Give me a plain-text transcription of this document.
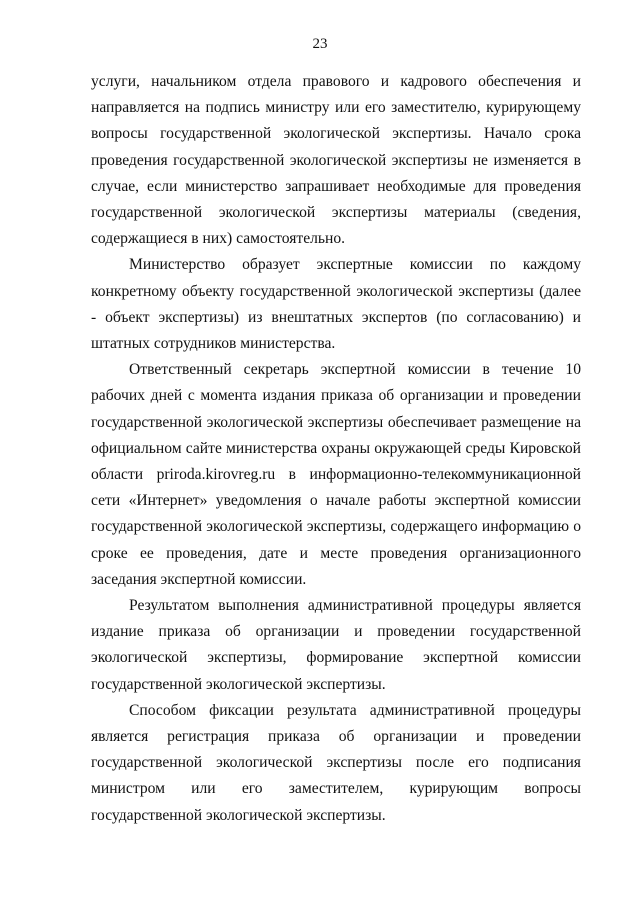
23

услуги, начальником отдела правового и кадрового обеспечения и направляется на подпись министру или его заместителю, курирующему вопросы государственной экологической экспертизы. Начало срока проведения государственной экологической экспертизы не изменяется в случае, если министерство запрашивает необходимые для проведения государственной экологической экспертизы материалы (сведения, содержащиеся в них) самостоятельно.

Министерство образует экспертные комиссии по каждому конкретному объекту государственной экологической экспертизы (далее - объект экспертизы) из внештатных экспертов (по согласованию) и штатных сотрудников министерства.

Ответственный секретарь экспертной комиссии в течение 10 рабочих дней с момента издания приказа об организации и проведении государственной экологической экспертизы обеспечивает размещение на официальном сайте министерства охраны окружающей среды Кировской области prirodа.kirovreg.ru в информационно-телекоммуникационной сети «Интернет» уведомления о начале работы экспертной комиссии государственной экологической экспертизы, содержащего информацию о сроке ее проведения, дате и месте проведения организационного заседания экспертной комиссии.

Результатом выполнения административной процедуры является издание приказа об организации и проведении государственной экологической экспертизы, формирование экспертной комиссии государственной экологической экспертизы.

Способом фиксации результата административной процедуры является регистрация приказа об организации и проведении государственной экологической экспертизы после его подписания министром или его заместителем, курирующим вопросы государственной экологической экспертизы.
